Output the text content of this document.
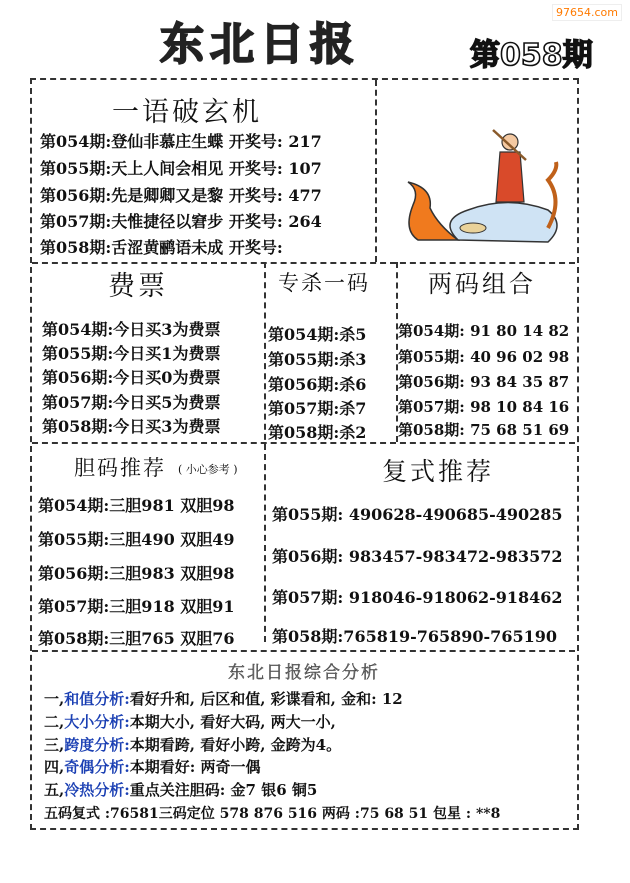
97654.com
东北日报	第058期
一语破玄机
第054期:登仙非慕庄生蝶 开奖号: 217
第055期:天上人间会相见 开奖号: 107
第056期:先是卿卿又是黎 开奖号: 477
第057期:夫惟捷径以窘步 开奖号: 264
第058期:舌涩黄鹂语未成 开奖号:
费票
第054期:今日买3为费票
第055期:今日买1为费票
第056期:今日买0为费票
第057期:今日买5为费票
第058期:今日买3为费票
专杀一码
第054期:杀5
第055期:杀3
第056期:杀6
第057期:杀7
第058期:杀2
两码组合
第054期: 91 80 14 82
第055期: 40 96 02 98
第056期: 93 84 35 87
第057期: 98 10 84 16
第058期: 75 68 51 69
胆码推荐 ( 小心参考 )
第054期:三胆981 双胆98
第055期:三胆490 双胆49
第056期:三胆983 双胆98
第057期:三胆918 双胆91
第058期:三胆765 双胆76
复式推荐
第055期: 490628-490685-490285
第056期: 983457-983472-983572
第057期: 918046-918062-918462
第058期:765819-765890-765190
东北日报综合分析
一,和值分析:看好升和, 后区和值, 彩谍看和, 金和: 12
二,大小分析:本期大小, 看好大码, 两大一小,
三,跨度分析:本期看跨, 看好小跨, 金跨为4。
四,奇偶分析:本期看好: 两奇一偶
五,冷热分析:重点关注胆码: 金7 银6 铜5
五码复式 :76581三码定位 578 876 516 两码 :75 68 51 包星 : **8
